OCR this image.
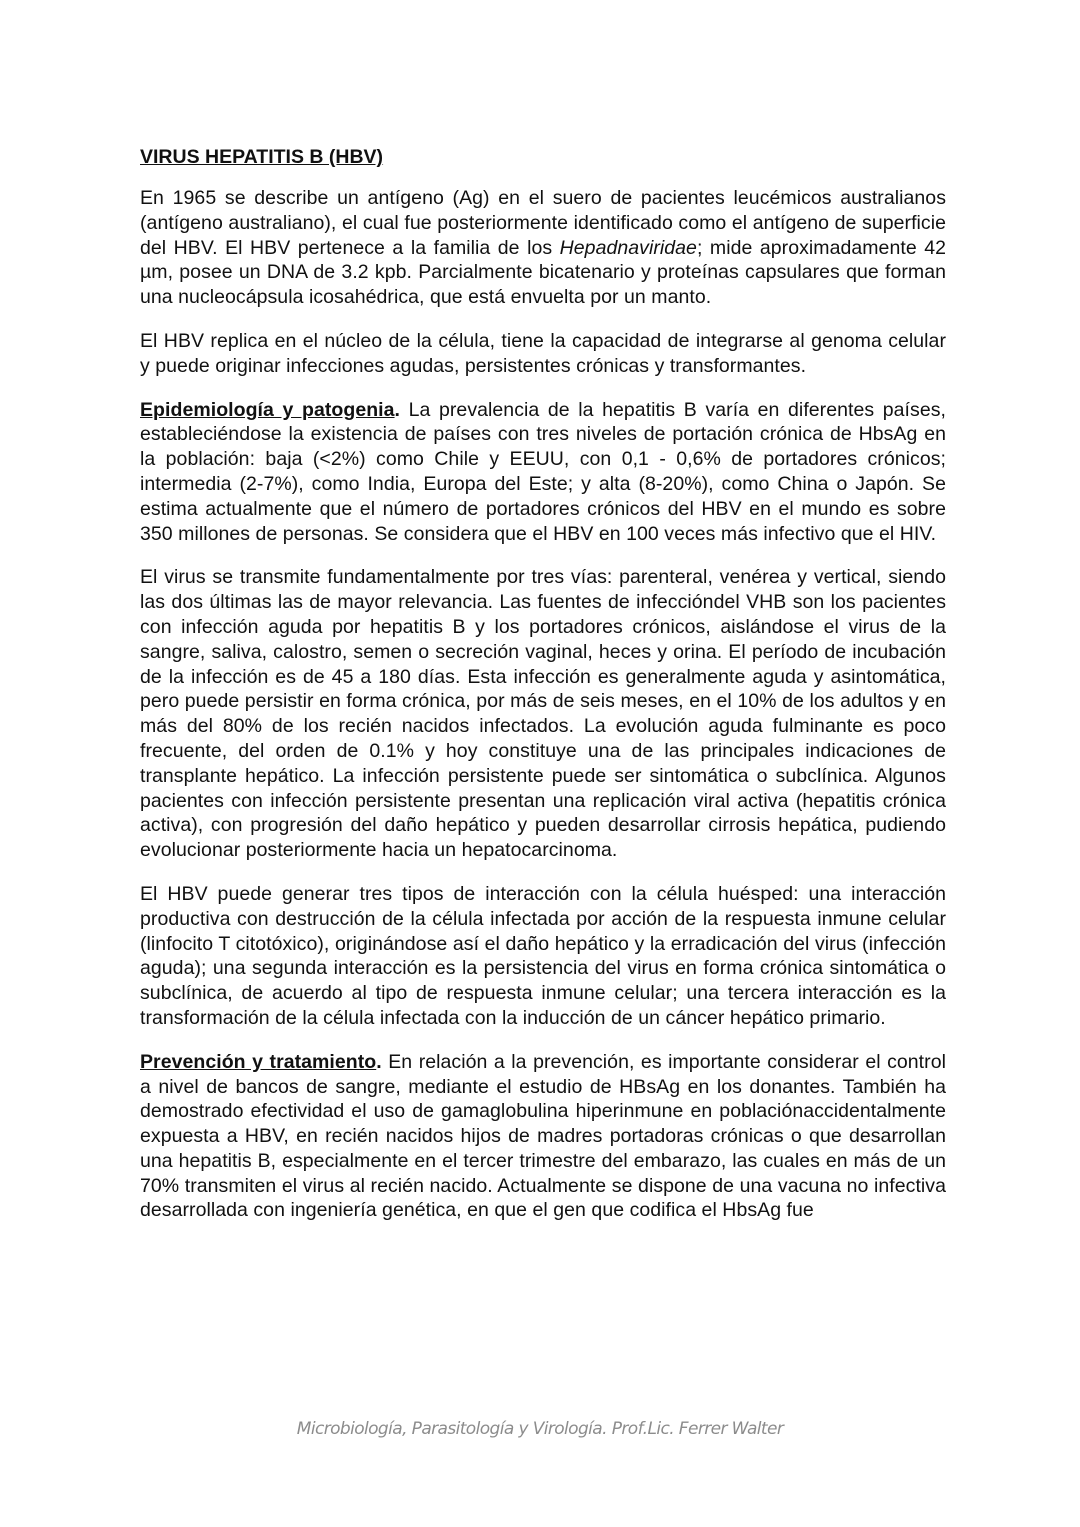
VIRUS HEPATITIS B (HBV)

En 1965 se describe un antígeno (Ag) en el suero de pacientes leucémicos australianos (antígeno australiano), el cual fue posteriormente identificado como el antígeno de superficie del HBV. El HBV pertenece a la familia de los Hepadnaviridae; mide aproximadamente 42 µm, posee un DNA de 3.2 kpb. Parcialmente bicatenario y proteínas capsulares que forman una nucleocápsula icosahédrica, que está envuelta por un manto.

El HBV replica en el núcleo de la célula, tiene la capacidad de integrarse al genoma celular y puede originar infecciones agudas, persistentes crónicas y transformantes.

Epidemiología y patogenia. La prevalencia de la hepatitis B varía en diferentes países, estableciéndose la existencia de países con tres niveles de portación crónica de HbsAg en la población: baja (<2%) como Chile y EEUU, con 0,1 - 0,6% de portadores crónicos; intermedia (2-7%), como India, Europa del Este; y alta (8-20%), como China o Japón. Se estima actualmente que el número de portadores crónicos del HBV en el mundo es sobre 350 millones de personas. Se considera que el HBV en 100 veces más infectivo que el HIV.

El virus se transmite fundamentalmente por tres vías: parenteral, venérea y vertical, siendo las dos últimas las de mayor relevancia. Las fuentes de infeccióndel VHB son los pacientes con infección aguda por hepatitis B y los portadores crónicos, aislándose el virus de la sangre, saliva, calostro, semen o secreción vaginal, heces y orina. El período de incubación de la infección es de 45 a 180 días. Esta infección es generalmente aguda y asintomática, pero puede persistir en forma crónica, por más de seis meses, en el 10% de los adultos y en más del 80% de los recién nacidos infectados. La evolución aguda fulminante es poco frecuente, del orden de 0.1% y hoy constituye una de las principales indicaciones de transplante hepático. La infección persistente puede ser sintomática o subclínica. Algunos pacientes con infección persistente presentan una replicación viral activa (hepatitis crónica activa), con progresión del daño hepático y pueden desarrollar cirrosis hepática, pudiendo evolucionar posteriormente hacia un hepatocarcinoma.

El HBV puede generar tres tipos de interacción con la célula huésped: una interacción productiva con destrucción de la célula infectada por acción de la respuesta inmune celular (linfocito T citotóxico), originándose así el daño hepático y la erradicación del virus (infección aguda); una segunda interacción es la persistencia del virus en forma crónica sintomática o subclínica, de acuerdo al tipo de respuesta inmune celular; una tercera interacción es la transformación de la célula infectada con la inducción de un cáncer hepático primario.

Prevención y tratamiento. En relación a la prevención, es importante considerar el control a nivel de bancos de sangre, mediante el estudio de HBsAg en los donantes. También ha demostrado efectividad el uso de gamaglobulina hiperinmune en poblaciónaccidentalmente expuesta a HBV, en recién nacidos hijos de madres portadoras crónicas o que desarrollan una hepatitis B, especialmente en el tercer trimestre del embarazo, las cuales en más de un 70% transmiten el virus al recién nacido. Actualmente se dispone de una vacuna no infectiva desarrollada con ingeniería genética, en que el gen que codifica el HbsAg fue

Microbiología, Parasitología y Virología. Prof.Lic. Ferrer Walter
